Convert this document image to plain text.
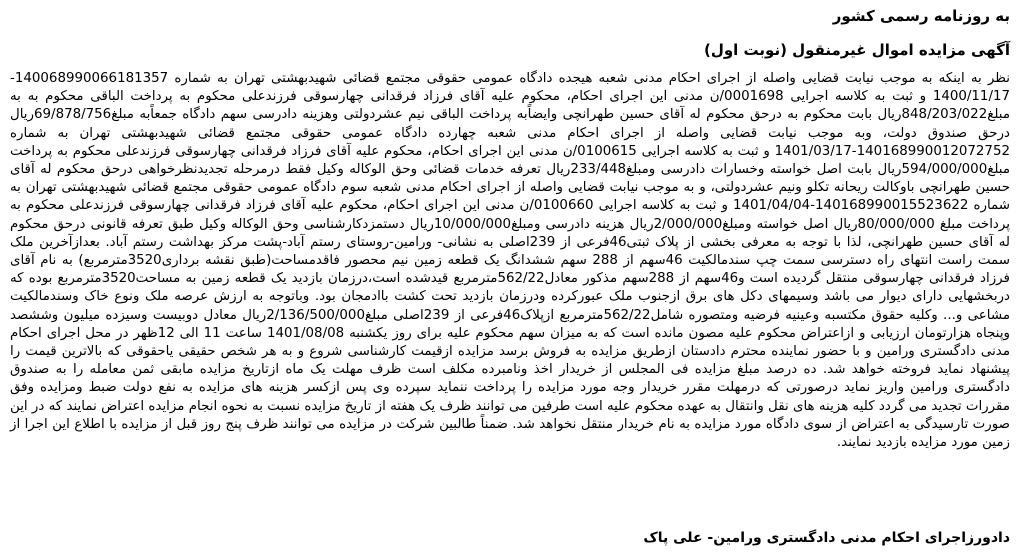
به روزنامه رسمی کشور
آگهی مزایده اموال غیرمنقول (نوبت اول)

نظر به اینکه به موجب نیابت قضایی واصله از اجرای احکام مدنی شعبه هیجده دادگاه عمومی حقوقی مجتمع قضائی شهیدبهشتی تهران به شماره 140068990066181357-1400/11/17 و ثبت به کلاسه اجرایی 0001698/ن مدنی این اجرای احکام، محکوم علیه آقای فرزاد فرقدانی چهارسوقی فرزندعلی محکوم به پرداخت الباقی محکوم به به مبلغ848/203/022ریال بابت محکوم به درحق محکوم له آقای حسین طهرانچی وایضاًبه پرداخت الباقی نیم عشردولتی وهزینه دادرسی سهم دادگاه جمعاًبه مبلغ69/878/756ریال درحق صندوق دولت، وبه موجب نیابت قضایی واصله از اجرای احکام مدنی شعبه چهارده دادگاه عمومی حقوقی مجتمع قضائی شهیدبهشتی تهران به شماره 140168990012072752-1401/03/17 و ثبت به کلاسه اجرایی 0100615/ن مدنی این اجرای احکام، محکوم علیه آقای فرزاد فرقدانی چهارسوقی فرزندعلی محکوم به پرداخت مبلغ594/000/000ریال بابت اصل خواسته وخسارات دادرسی ومبلغ233/448ریال تعرفه خدمات قضائی وحق الوکاله وکیل فقط درمرحله تجدیدنظرخواهی درحق محکوم له آقای حسین طهرانچی باوکالت ریحانه تکلو ونیم عشردولتی، و به موجب نیابت قضایی واصله از اجرای احکام مدنی شعبه سوم دادگاه عمومی حقوقی مجتمع قضائی شهیدبهشتی تهران به شماره 140168990015523622-1401/04/04 و ثبت به کلاسه اجرایی 0100660/ن مدنی این اجرای احکام، محکوم علیه آقای فرزاد فرقدانی چهارسوقی فرزندعلی محکوم به پرداخت مبلغ 80/000/000ریال اصل خواسته ومبلغ2/000/000ریال هزینه دادرسی ومبلغ10/000/000ریال دستمزدکارشناسی وحق الوکاله وکیل طبق تعرفه قانونی درحق محکوم له آقای حسین طهرانچی، لذا با توجه به معرفی بخشی از پلاک ثبتی46فرعی از 239اصلی به نشانی- ورامین-روستای رستم آباد-پشت مرکز بهداشت رستم آباد. بعدازآخرین ملک سمت راست انتهای راه دسترسی سمت چپ سندمالکیت 46سهم از 288 سهم ششدانگ یک قطعه زمین نیم محصور فاقدمساحت(طبق نقشه برداری3520مترمربع) به نام آقای فرزاد فرقدانی چهارسوقی منتقل گردیده است و46سهم از 288سهم مذکور معادل562/22مترمربع قیدشده است،درزمان بازدید یک قطعه زمین به مساحت3520مترمربع بوده که دربخشهایی دارای دیوار می باشد وسیمهای دکل های برق ازجنوب ملک عبورکرده ودرزمان بازدید تحت کشت باادمجان بود. وباتوجه به ارزش عرصه ملک ونوع خاک وسندمالکیت مشاعی و... وکلیه حقوق مکتسبه وعینیه فرضیه ومتصوره شامل562/22مترمربع ازپلاک46فرعی از 239اصلی مبلغ2/136/500/000ریال معادل دوبیست وسیزده میلیون وششصد وپنجاه هزارتومان ارزیابی و ازاعتراض محکوم علیه مصون مانده است که به میزان سهم محکوم علیه برای روز یکشنبه 1401/08/08 ساعت 11 الی 12ظهر در محل اجرای احکام مدنی دادگستری ورامین و با حضور نماینده محترم دادستان ازطریق مزایده به فروش برسد مزایده ازقیمت کارشناسی شروع و به هر شخص حقیقی یاحقوقی که بالاترین قیمت را پیشنهاد نماید فروخته خواهد شد. ده درصد مبلغ مزایده فی المجلس از خریدار اخذ ونامبرده مکلف است ظرف مهلت یک ماه ازتاریخ مزایده مابقی ثمن معامله را به صندوق دادگستری ورامین واریز نماید درصورتی که درمهلت مقرر خریدار وجه مورد مزایده را پرداخت ننماید سپرده وی پس ازکسر هزینه های مزایده به نفع دولت ضبط ومزایده وفق مقررات تجدید می گردد کلیه هزینه های نقل وانتقال به عهده محکوم علیه است طرفین می توانند ظرف یک هفته از تاریخ مزایده نسبت به نحوه انجام مزایده اعتراض نمایند که در این صورت تارسیدگی به اعتراض از سوی دادگاه مورد مزایده به نام خریدار منتقل نخواهد شد. ضمناً طالبین شرکت در مزایده می توانند ظرف پنج روز قبل از مزایده با اطلاع این اجرا از زمین مورد مزایده بازدید نمایند.

دادورزاجرای احکام مدنی دادگستری ورامین- علی پاک
